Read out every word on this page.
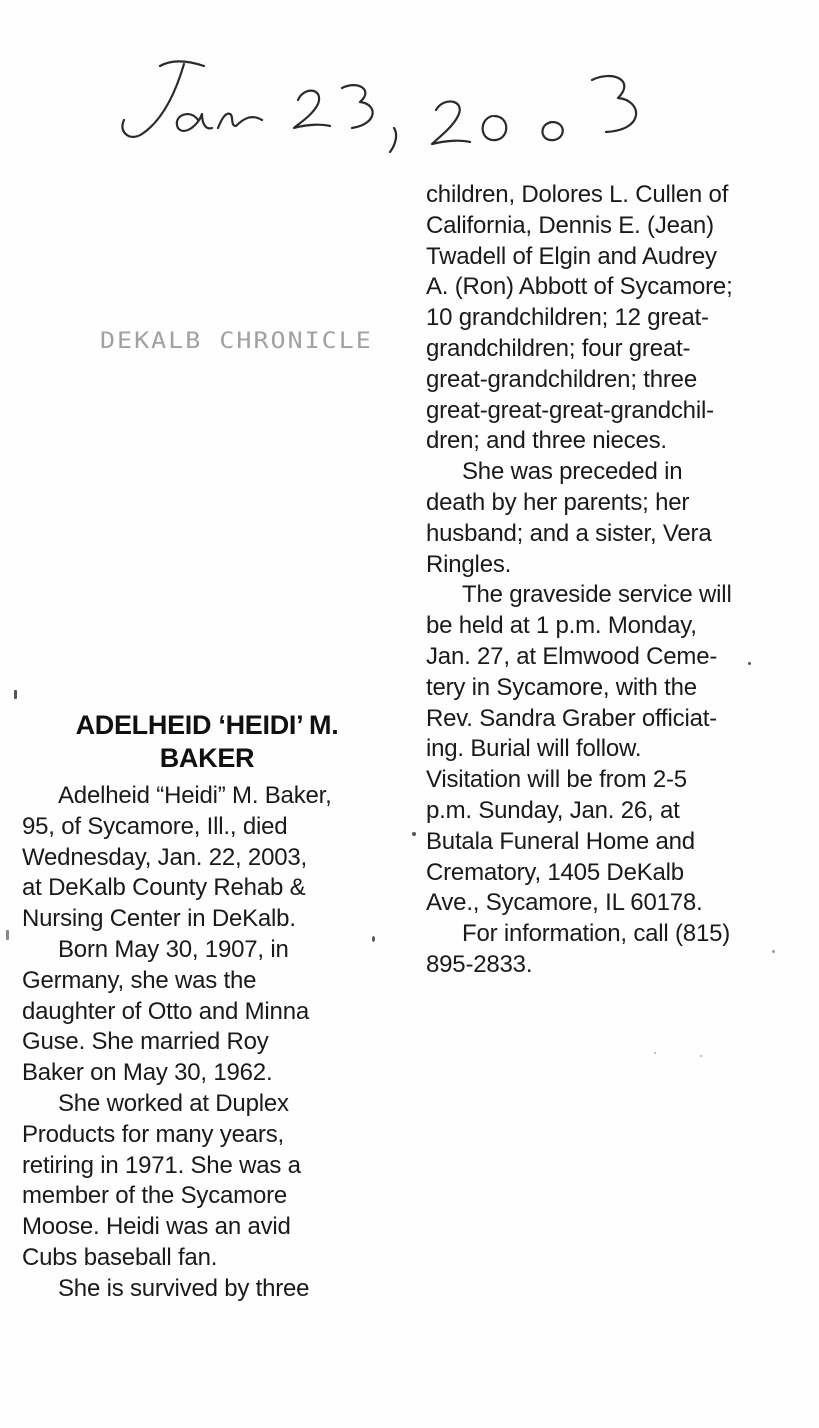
DEKALB CHRONICLE
ADELHEID ‘HEIDI’ M.
BAKER
Adelheid “Heidi” M. Baker,
95, of Sycamore, Ill., died
Wednesday, Jan. 22, 2003,
at DeKalb County Rehab &
Nursing Center in DeKalb.
Born May 30, 1907, in
Germany, she was the
daughter of Otto and Minna
Guse. She married Roy
Baker on May 30, 1962.
She worked at Duplex
Products for many years,
retiring in 1971. She was a
member of the Sycamore
Moose. Heidi was an avid
Cubs baseball fan.
She is survived by three
children, Dolores L. Cullen of
California, Dennis E. (Jean)
Twadell of Elgin and Audrey
A. (Ron) Abbott of Sycamore;
10 grandchildren; 12 great-
grandchildren; four great-
great-grandchildren; three
great-great-great-grandchil-
dren; and three nieces.
She was preceded in
death by her parents; her
husband; and a sister, Vera
Ringles.
The graveside service will
be held at 1 p.m. Monday,
Jan. 27, at Elmwood Ceme-
tery in Sycamore, with the
Rev. Sandra Graber officiat-
ing. Burial will follow.
Visitation will be from 2-5
p.m. Sunday, Jan. 26, at
Butala Funeral Home and
Crematory, 1405 DeKalb
Ave., Sycamore, IL 60178.
For information, call (815)
895-2833.
